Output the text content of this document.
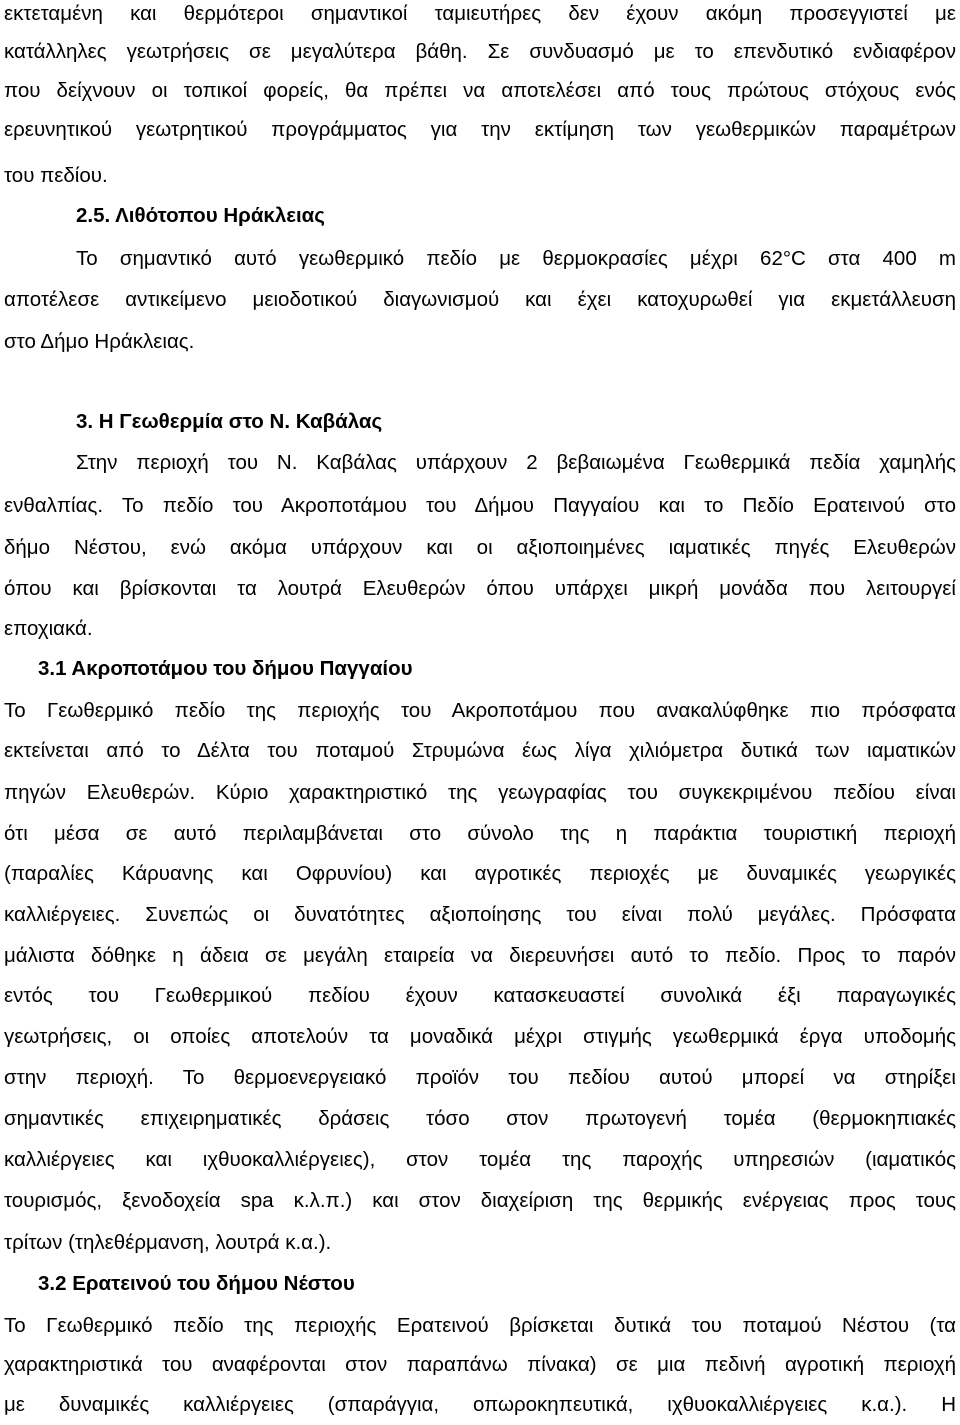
εκτεταμένη και θερμότεροι σημαντικοί ταμιευτήρες δεν έχουν ακόμη προσεγγιστεί με
κατάλληλες γεωτρήσεις σε μεγαλύτερα βάθη. Σε συνδυασμό με το επενδυτικό ενδιαφέρον
που δείχνουν οι τοπικοί φορείς, θα πρέπει να αποτελέσει από τους πρώτους στόχους ενός
ερευνητικού γεωτρητικού προγράμματος για την εκτίμηση των γεωθερμικών παραμέτρων
του πεδίου.
2.5. Λιθότοπου Ηράκλειας
Το σημαντικό αυτό γεωθερμικό πεδίο με θερμοκρασίες μέχρι 62°C στα 400 m
αποτέλεσε αντικείμενο μειοδοτικού διαγωνισμού και έχει κατοχυρωθεί για εκμετάλλευση
στο Δήμο Ηράκλειας.
3. Η Γεωθερμία στο Ν. Καβάλας
Στην περιοχή του Ν. Καβάλας υπάρχουν 2 βεβαιωμένα Γεωθερμικά πεδία χαμηλής
ενθαλπίας. Το πεδίο του Ακροποτάμου του Δήμου Παγγαίου και το Πεδίο Ερατεινού στο
δήμο Νέστου, ενώ ακόμα υπάρχουν και οι αξιοποιημένες ιαματικές πηγές Ελευθερών
όπου και βρίσκονται τα λουτρά Ελευθερών όπου υπάρχει μικρή μονάδα που λειτουργεί
εποχιακά.
3.1 Ακροποτάμου του δήμου Παγγαίου
Το Γεωθερμικό πεδίο της περιοχής του Ακροποτάμου που ανακαλύφθηκε πιο πρόσφατα
εκτείνεται από το Δέλτα του ποταμού Στρυμώνα έως λίγα χιλιόμετρα δυτικά των ιαματικών
πηγών Ελευθερών. Κύριο χαρακτηριστικό της γεωγραφίας του συγκεκριμένου πεδίου είναι
ότι μέσα σε αυτό περιλαμβάνεται στο σύνολο της η παράκτια τουριστική περιοχή
(παραλίες Κάρυανης και Οφρυνίου) και αγροτικές περιοχές με δυναμικές γεωργικές
καλλιέργειες. Συνεπώς οι δυνατότητες αξιοποίησης του είναι πολύ μεγάλες. Πρόσφατα
μάλιστα δόθηκε η άδεια σε μεγάλη εταιρεία να διερευνήσει αυτό το πεδίο. Προς το παρόν
εντός του Γεωθερμικού πεδίου έχουν κατασκευαστεί συνολικά έξι παραγωγικές
γεωτρήσεις, οι οποίες αποτελούν τα μοναδικά μέχρι στιγμής γεωθερμικά έργα υποδομής
στην περιοχή. Το θερμοενεργειακό προϊόν του πεδίου αυτού μπορεί να στηρίξει
σημαντικές επιχειρηματικές δράσεις τόσο στον πρωτογενή τομέα (θερμοκηπιακές
καλλιέργειες και ιχθυοκαλλιέργειες), στον τομέα της παροχής υπηρεσιών (ιαματικός
τουρισμός, ξενοδοχεία spa κ.λ.π.) και στον διαχείριση της θερμικής ενέργειας προς τους
τρίτων (τηλεθέρμανση, λουτρά κ.α.).
3.2 Ερατεινού του δήμου Νέστου
Το Γεωθερμικό πεδίο της περιοχής Ερατεινού βρίσκεται δυτικά του ποταμού Νέστου (τα
χαρακτηριστικά του αναφέρονται στον παραπάνω πίνακα) σε μια πεδινή αγροτική περιοχή
με δυναμικές καλλιέργειες (σπαράγγια, οπωροκηπευτικά, ιχθυοκαλλιέργειες κ.α.). Η
